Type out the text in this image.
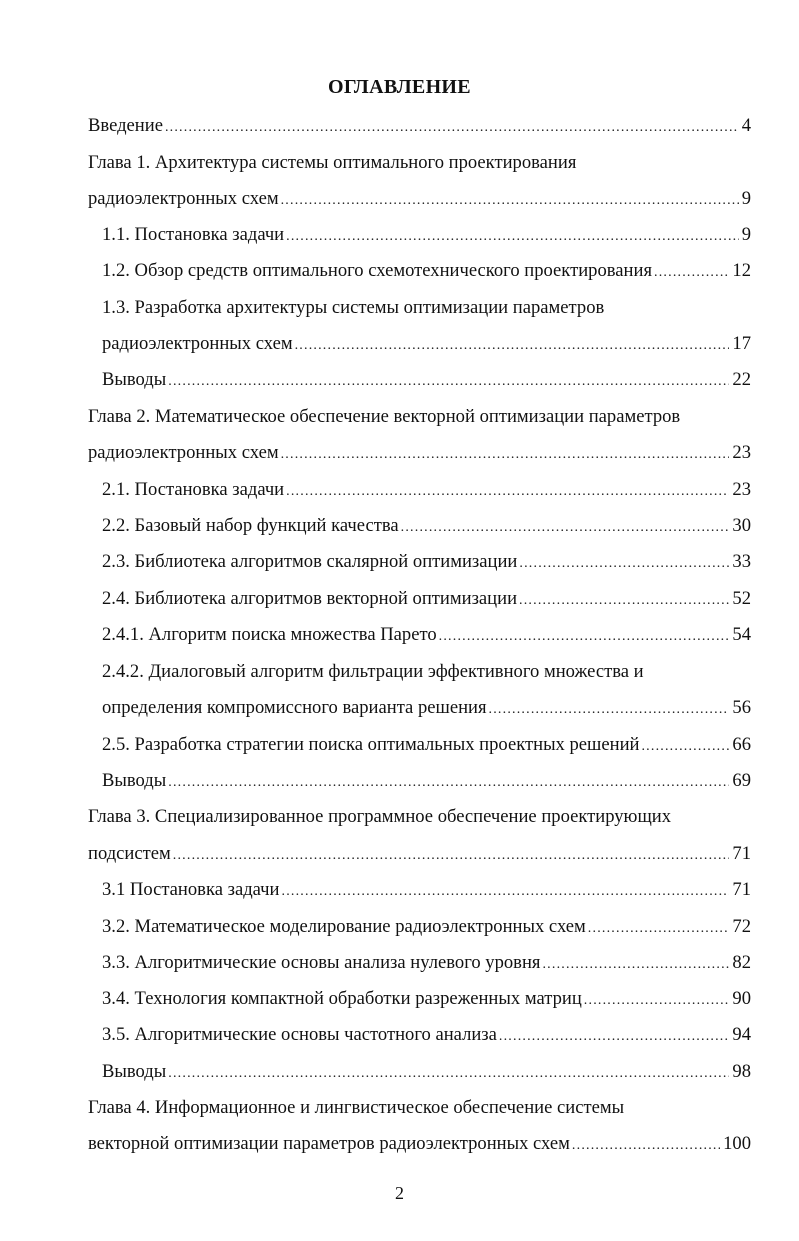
ОГЛАВЛЕНИЕ
Введение .....	4
Глава 1. Архитектура системы оптимального проектирования
радиоэлектронных схем .....	9
1.1. Постановка задачи .....	9
1.2. Обзор средств оптимального схемотехнического проектирования .....	12
1.3. Разработка архитектуры системы оптимизации параметров
радиоэлектронных схем .....	17
Выводы .....	22
Глава 2. Математическое обеспечение векторной оптимизации параметров
радиоэлектронных схем .....	23
2.1. Постановка задачи .....	23
2.2. Базовый набор функций качества .....	30
2.3. Библиотека алгоритмов скалярной оптимизации .....	33
2.4. Библиотека алгоритмов векторной оптимизации .....	52
2.4.1. Алгоритм поиска множества Парето .....	54
2.4.2. Диалоговый алгоритм фильтрации эффективного множества и
определения компромиссного варианта решения .....	56
2.5. Разработка стратегии поиска оптимальных проектных решений .....	66
Выводы .....	69
Глава 3. Специализированное программное обеспечение проектирующих
подсистем .....	71
3.1 Постановка задачи .....	71
3.2. Математическое моделирование радиоэлектронных схем .....	72
3.3. Алгоритмические основы анализа нулевого уровня .....	82
3.4. Технология компактной обработки разреженных матриц .....	90
3.5. Алгоритмические основы частотного анализа .....	94
Выводы .....	98
Глава 4. Информационное и лингвистическое обеспечение системы
векторной оптимизации параметров радиоэлектронных схем .....	100
2
